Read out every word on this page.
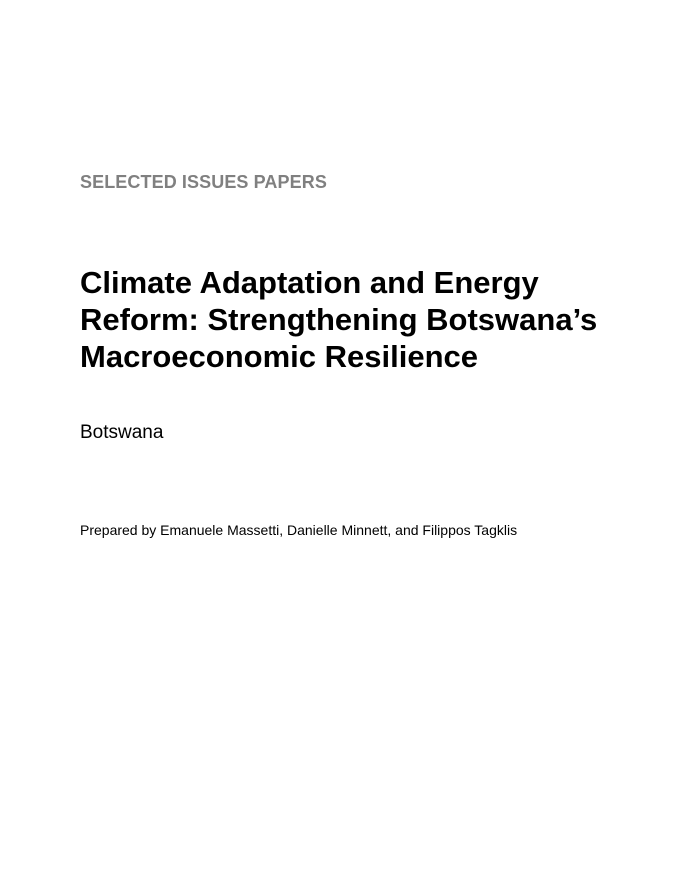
SELECTED ISSUES PAPERS
Climate Adaptation and Energy Reform: Strengthening Botswana’s Macroeconomic Resilience
Botswana
Prepared by Emanuele Massetti, Danielle Minnett, and Filippos Tagklis
